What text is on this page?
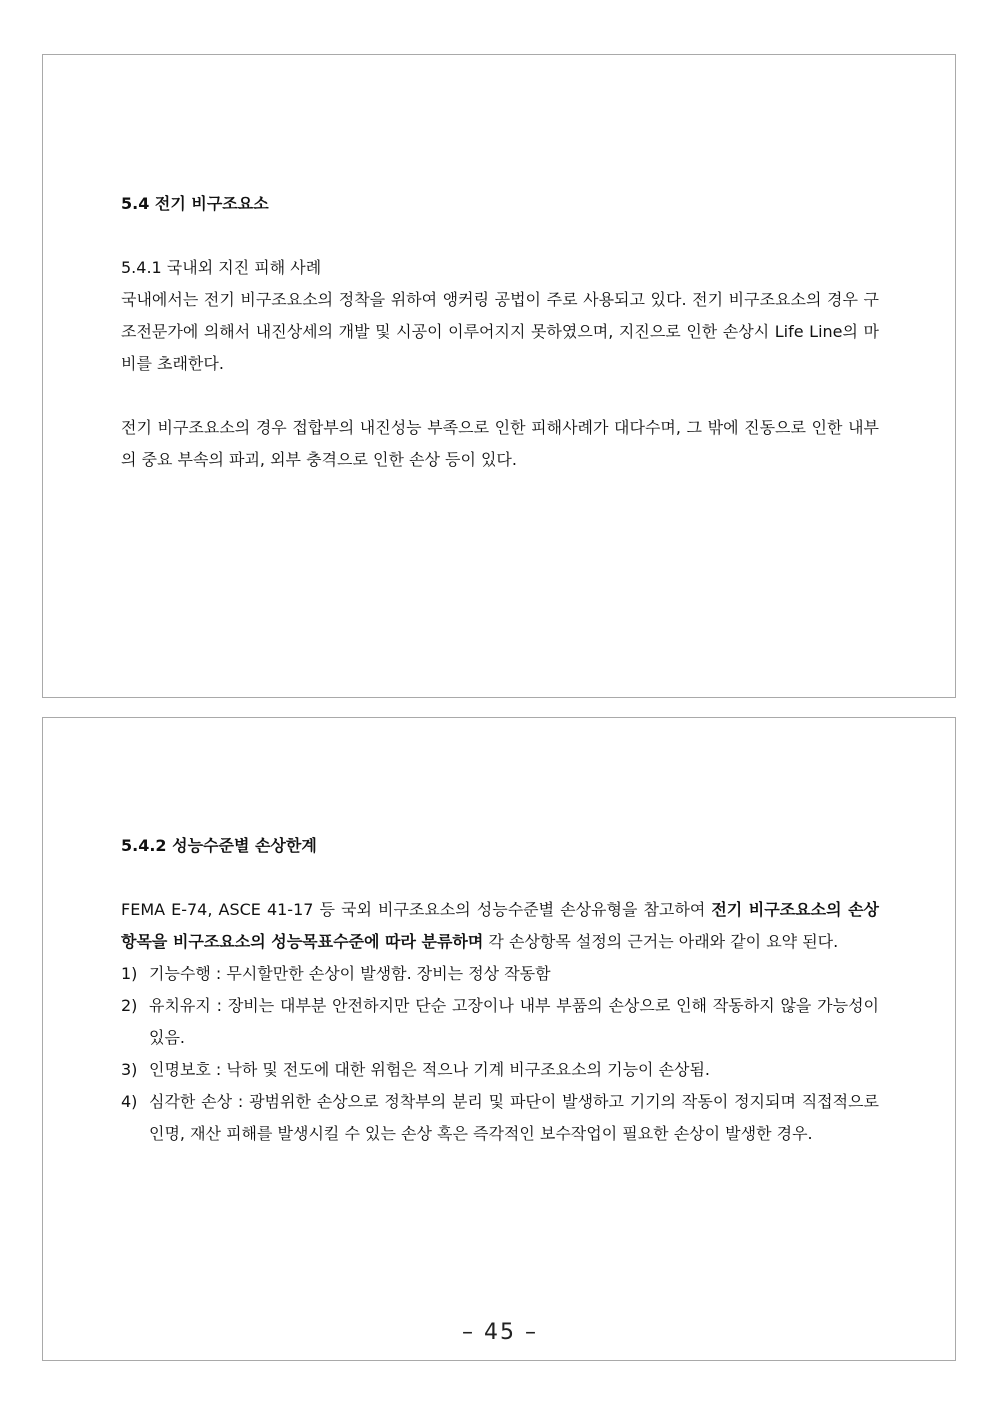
5.4 전기 비구조요소

5.4.1 국내외 지진 피해 사례

국내에서는 전기 비구조요소의 정착을 위하여 앵커링 공법이 주로 사용되고 있다. 전기 비구조요소의 경우 구조전문가에 의해서 내진상세의 개발 및 시공이 이루어지지 못하였으며, 지진으로 인한 손상시 Life Line의 마비를 초래한다.

전기 비구조요소의 경우 접합부의 내진성능 부족으로 인한 피해사례가 대다수며, 그 밖에 진동으로 인한 내부의 중요 부속의 파괴, 외부 충격으로 인한 손상 등이 있다.

5.4.2 성능수준별 손상한계

FEMA E-74, ASCE 41-17 등 국외 비구조요소의 성능수준별 손상유형을 참고하여 전기 비구조요소의 손상항목을 비구조요소의 성능목표수준에 따라 분류하며 각 손상항목 설정의 근거는 아래와 같이 요약 된다.

1) 기능수행 : 무시할만한 손상이 발생함. 장비는 정상 작동함
2) 유치유지 : 장비는 대부분 안전하지만 단순 고장이나 내부 부품의 손상으로 인해 작동하지 않을 가능성이 있음.
3) 인명보호 : 낙하 및 전도에 대한 위험은 적으나 기계 비구조요소의 기능이 손상됨.
4) 심각한 손상 : 광범위한 손상으로 정착부의 분리 및 파단이 발생하고 기기의 작동이 정지되며 직접적으로 인명, 재산 피해를 발생시킬 수 있는 손상 혹은 즉각적인 보수작업이 필요한 손상이 발생한 경우.
– 45 –
